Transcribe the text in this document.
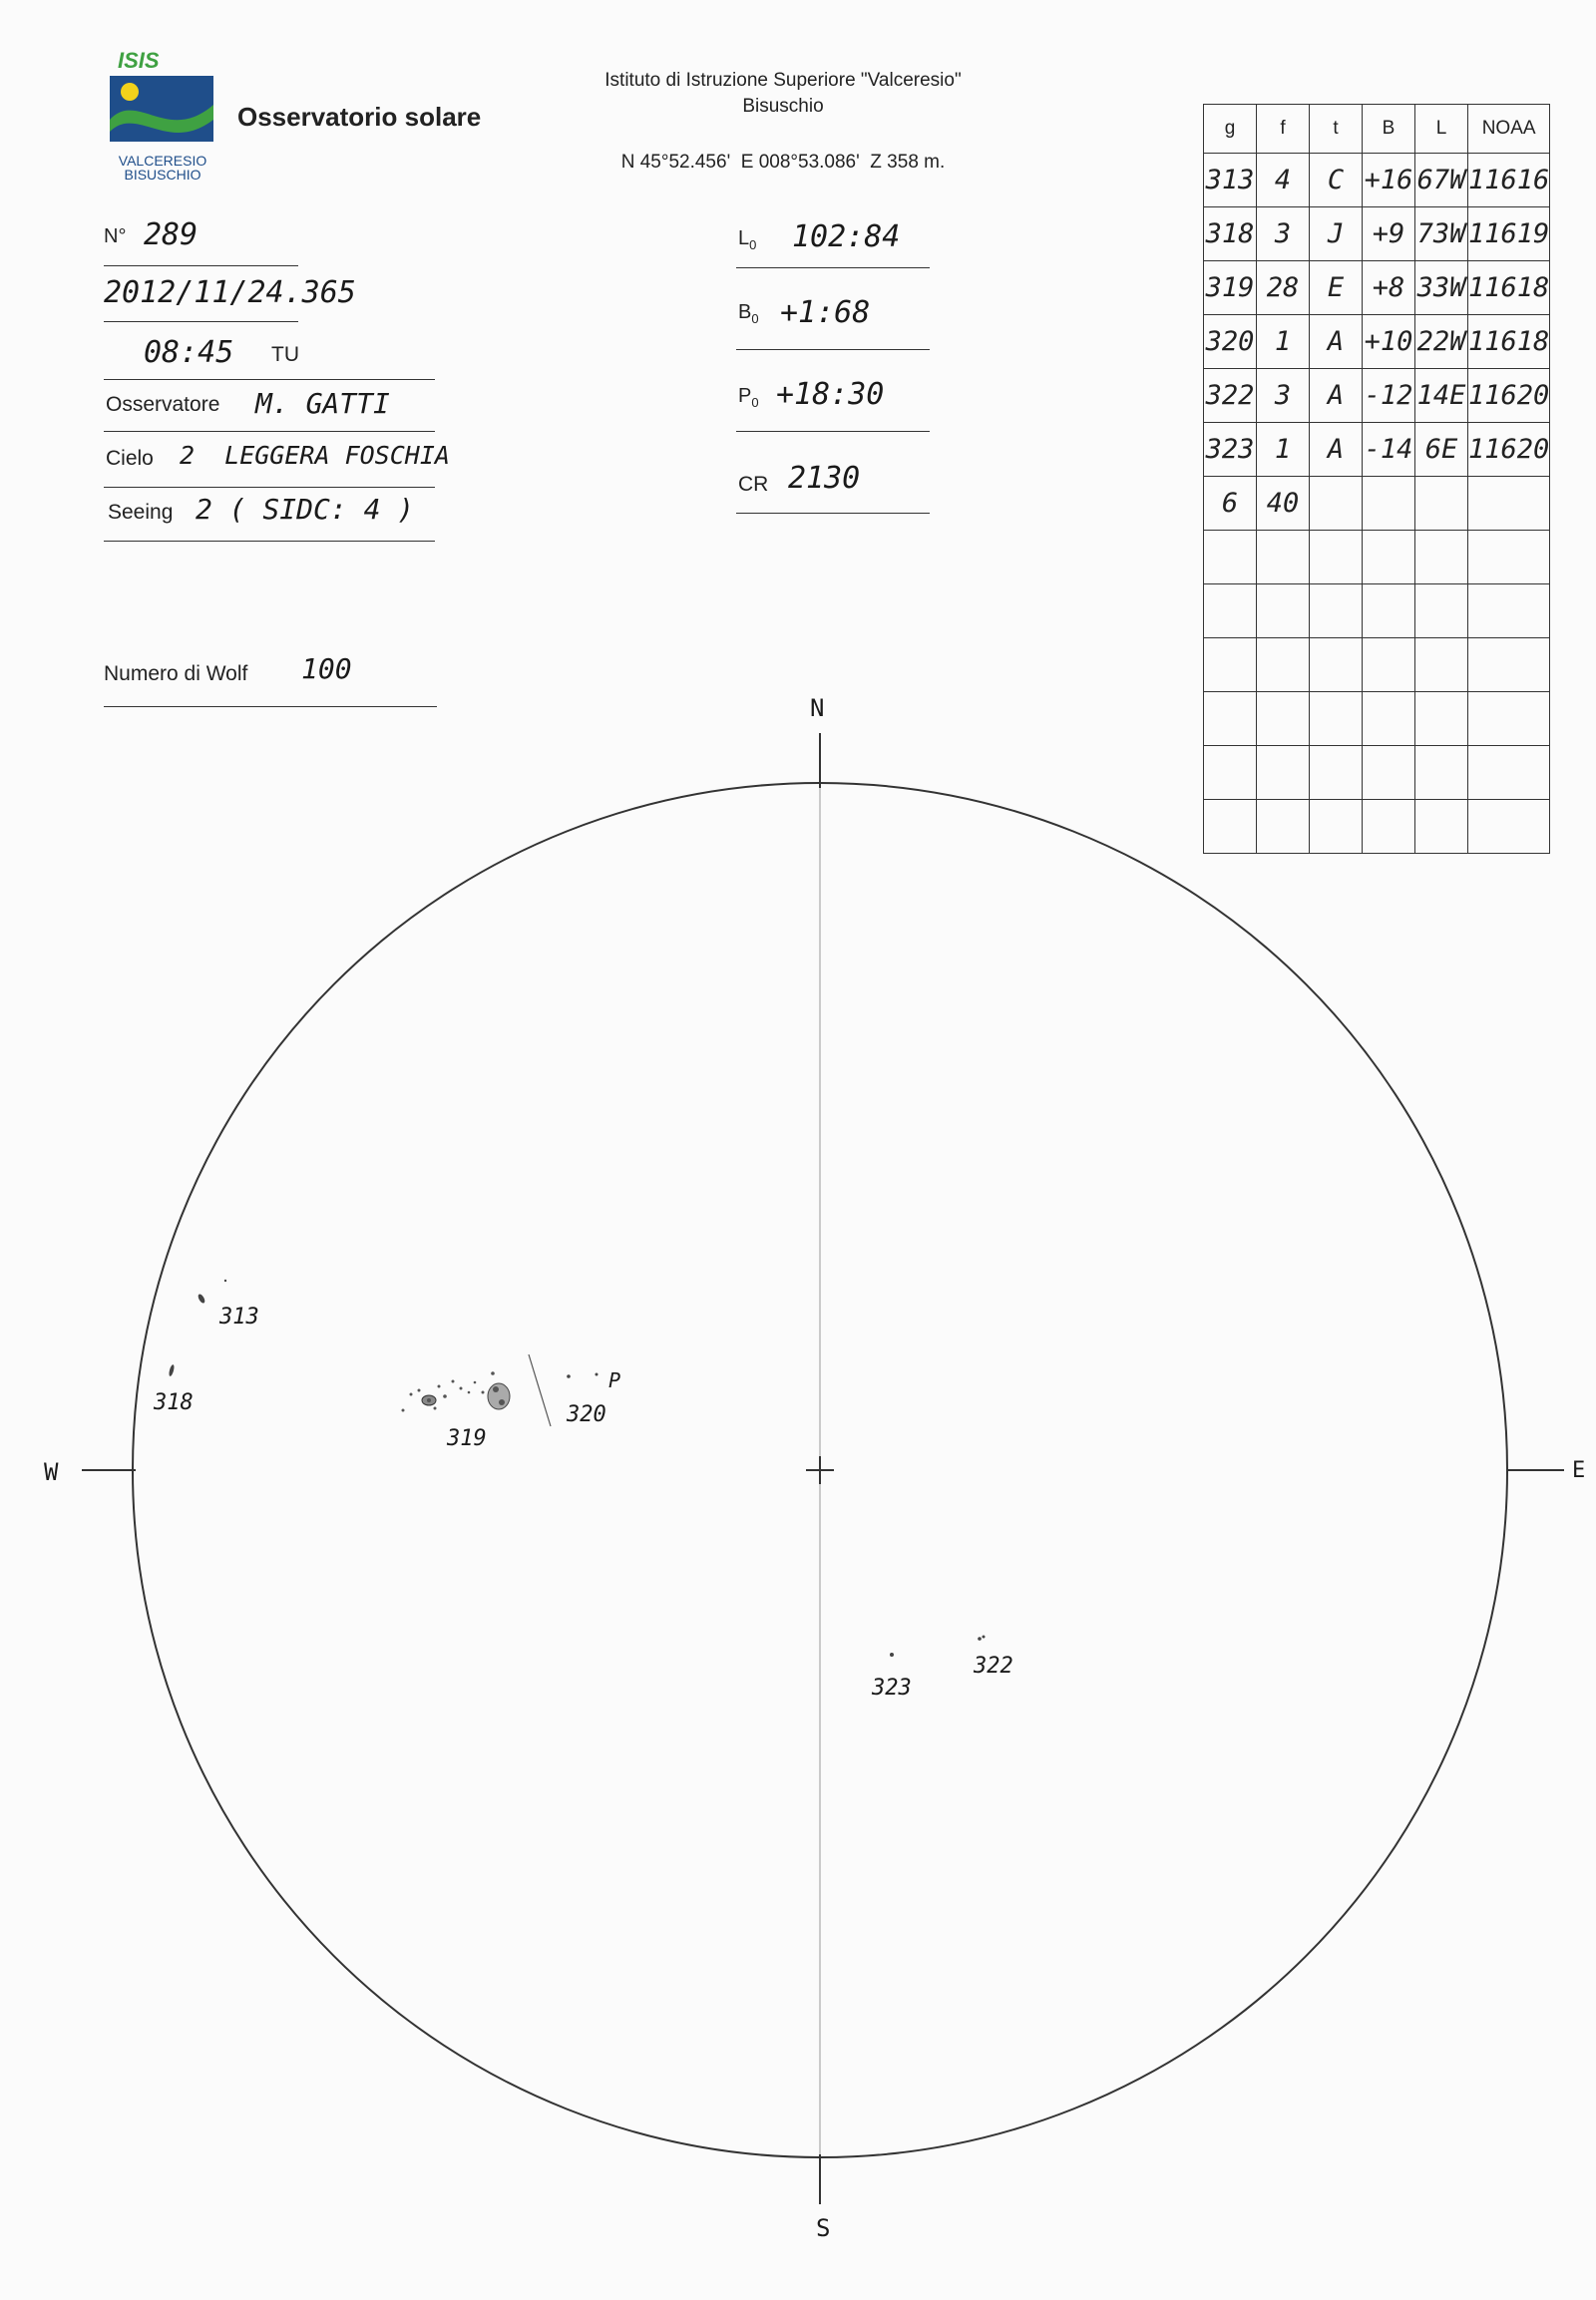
ISIS
VALCERESIO
BISUSCHIO
Osservatorio solare
Istituto di Istruzione Superiore "Valceresio"
Bisuschio
N 45°52.456'  E 008°53.086'  Z 358 m.
N° 289
2012/11/24.365
08:45 TU
Osservatore M. GATTI
Cielo 2  LEGGERA FOSCHIA
Seeing 2 ( SIDC: 4 )
Numero di Wolf 100
$L_0$ 102:84
$B_0$ +1:68
$P_0$ +18:30
CR 2130
g	f	t	B	L	NOAA
313	4	C	+16	67W	11616
318	3	J	+9	73W	11619
319	28	E	+8	33W	11618
320	1	A	+10	22W	11618
322	3	A	-12	14E	11620
323	1	A	-14	6E	11620
6	40				

N
S
W	E
313
318
319
320
322
323
P
